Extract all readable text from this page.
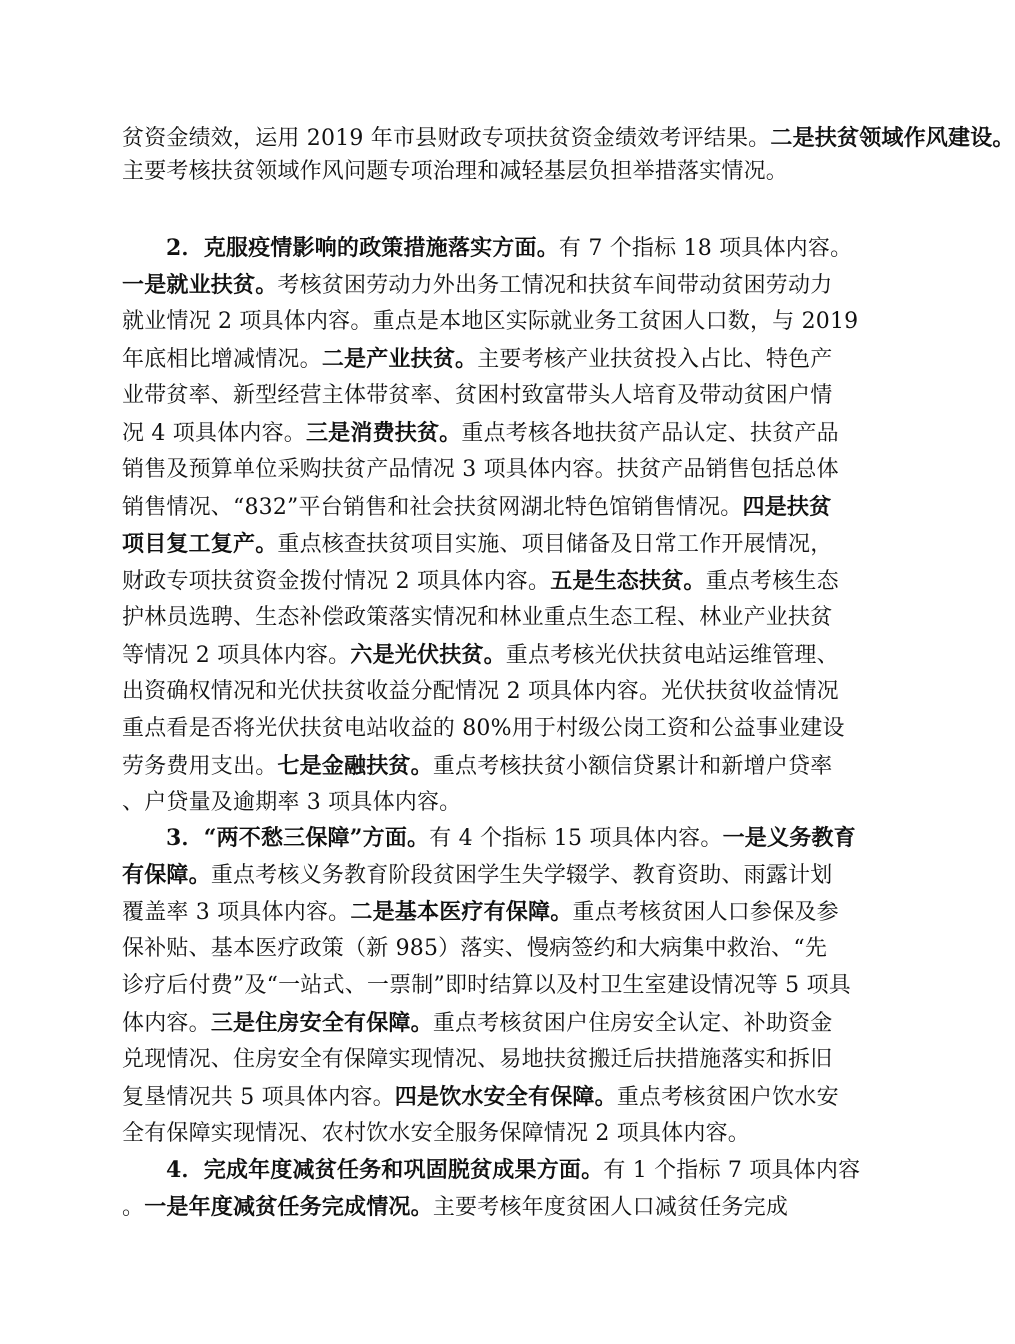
贫资金绩效，运用 2019 年市县财政专项扶贫资金绩效考评结果。二是扶贫领域作风建设。
主要考核扶贫领域作风问题专项治理和减轻基层负担举措落实情况。
2．克服疫情影响的政策措施落实方面。有 7 个指标 18 项具体内容。
一是就业扶贫。考核贫困劳动力外出务工情况和扶贫车间带动贫困劳动力
就业情况 2 项具体内容。重点是本地区实际就业务工贫困人口数，与 2019
年底相比增减情况。二是产业扶贫。主要考核产业扶贫投入占比、特色产
业带贫率、新型经营主体带贫率、贫困村致富带头人培育及带动贫困户情
况 4 项具体内容。三是消费扶贫。重点考核各地扶贫产品认定、扶贫产品
销售及预算单位采购扶贫产品情况 3 项具体内容。扶贫产品销售包括总体
销售情况、“832”平台销售和社会扶贫网湖北特色馆销售情况。四是扶贫
项目复工复产。重点核查扶贫项目实施、项目储备及日常工作开展情况，
财政专项扶贫资金拨付情况 2 项具体内容。五是生态扶贫。重点考核生态
护林员选聘、生态补偿政策落实情况和林业重点生态工程、林业产业扶贫
等情况 2 项具体内容。六是光伏扶贫。重点考核光伏扶贫电站运维管理、
出资确权情况和光伏扶贫收益分配情况 2 项具体内容。光伏扶贫收益情况
重点看是否将光伏扶贫电站收益的 80%用于村级公岗工资和公益事业建设
劳务费用支出。七是金融扶贫。重点考核扶贫小额信贷累计和新增户贷率
、户贷量及逾期率 3 项具体内容。
3．“两不愁三保障”方面。有 4 个指标 15 项具体内容。一是义务教育
有保障。重点考核义务教育阶段贫困学生失学辍学、教育资助、雨露计划
覆盖率 3 项具体内容。二是基本医疗有保障。重点考核贫困人口参保及参
保补贴、基本医疗政策（新 985）落实、慢病签约和大病集中救治、“先
诊疗后付费”及“一站式、一票制”即时结算以及村卫生室建设情况等 5 项具
体内容。三是住房安全有保障。重点考核贫困户住房安全认定、补助资金
兑现情况、住房安全有保障实现情况、易地扶贫搬迁后扶措施落实和拆旧
复垦情况共 5 项具体内容。四是饮水安全有保障。重点考核贫困户饮水安
全有保障实现情况、农村饮水安全服务保障情况 2 项具体内容。
4．完成年度减贫任务和巩固脱贫成果方面。有 1 个指标 7 项具体内容
。一是年度减贫任务完成情况。主要考核年度贫困人口减贫任务完成
